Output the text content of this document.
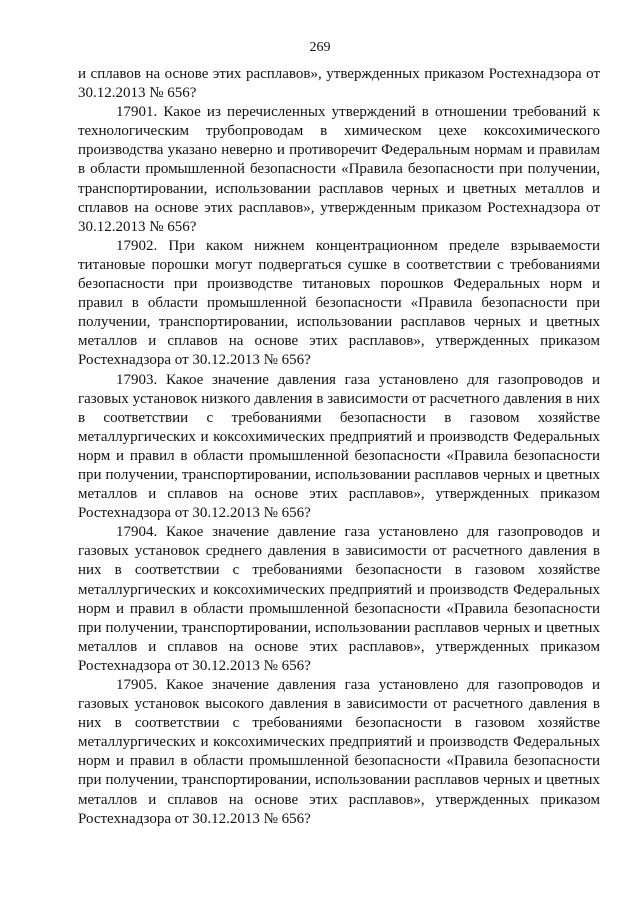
269

и сплавов на основе этих расплавов», утвержденных приказом Ростехнадзора от 30.12.2013 № 656?

17901. Какое из перечисленных утверждений в отношении требований к технологическим трубопроводам в химическом цехе коксохимического производства указано неверно и противоречит Федеральным нормам и правилам в области промышленной безопасности «Правила безопасности при получении, транспортировании, использовании расплавов черных и цветных металлов и сплавов на основе этих расплавов», утвержденным приказом Ростехнадзора от 30.12.2013 № 656?

17902. При каком нижнем концентрационном пределе взрываемости титановые порошки могут подвергаться сушке в соответствии с требованиями безопасности при производстве титановых порошков Федеральных норм и правил в области промышленной безопасности «Правила безопасности при получении, транспортировании, использовании расплавов черных и цветных металлов и сплавов на основе этих расплавов», утвержденных приказом Ростехнадзора от 30.12.2013 № 656?

17903. Какое значение давления газа установлено для газопроводов и газовых установок низкого давления в зависимости от расчетного давления в них в соответствии с требованиями безопасности в газовом хозяйстве металлургических и коксохимических предприятий и производств Федеральных норм и правил в области промышленной безопасности «Правила безопасности при получении, транспортировании, использовании расплавов черных и цветных металлов и сплавов на основе этих расплавов», утвержденных приказом Ростехнадзора от 30.12.2013 № 656?

17904. Какое значение давление газа установлено для газопроводов и газовых установок среднего давления в зависимости от расчетного давления в них в соответствии с требованиями безопасности в газовом хозяйстве металлургических и коксохимических предприятий и производств Федеральных норм и правил в области промышленной безопасности «Правила безопасности при получении, транспортировании, использовании расплавов черных и цветных металлов и сплавов на основе этих расплавов», утвержденных приказом Ростехнадзора от 30.12.2013 № 656?

17905. Какое значение давления газа установлено для газопроводов и газовых установок высокого давления в зависимости от расчетного давления в них в соответствии с требованиями безопасности в газовом хозяйстве металлургических и коксохимических предприятий и производств Федеральных норм и правил в области промышленной безопасности «Правила безопасности при получении, транспортировании, использовании расплавов черных и цветных металлов и сплавов на основе этих расплавов», утвержденных приказом Ростехнадзора от 30.12.2013 № 656?
